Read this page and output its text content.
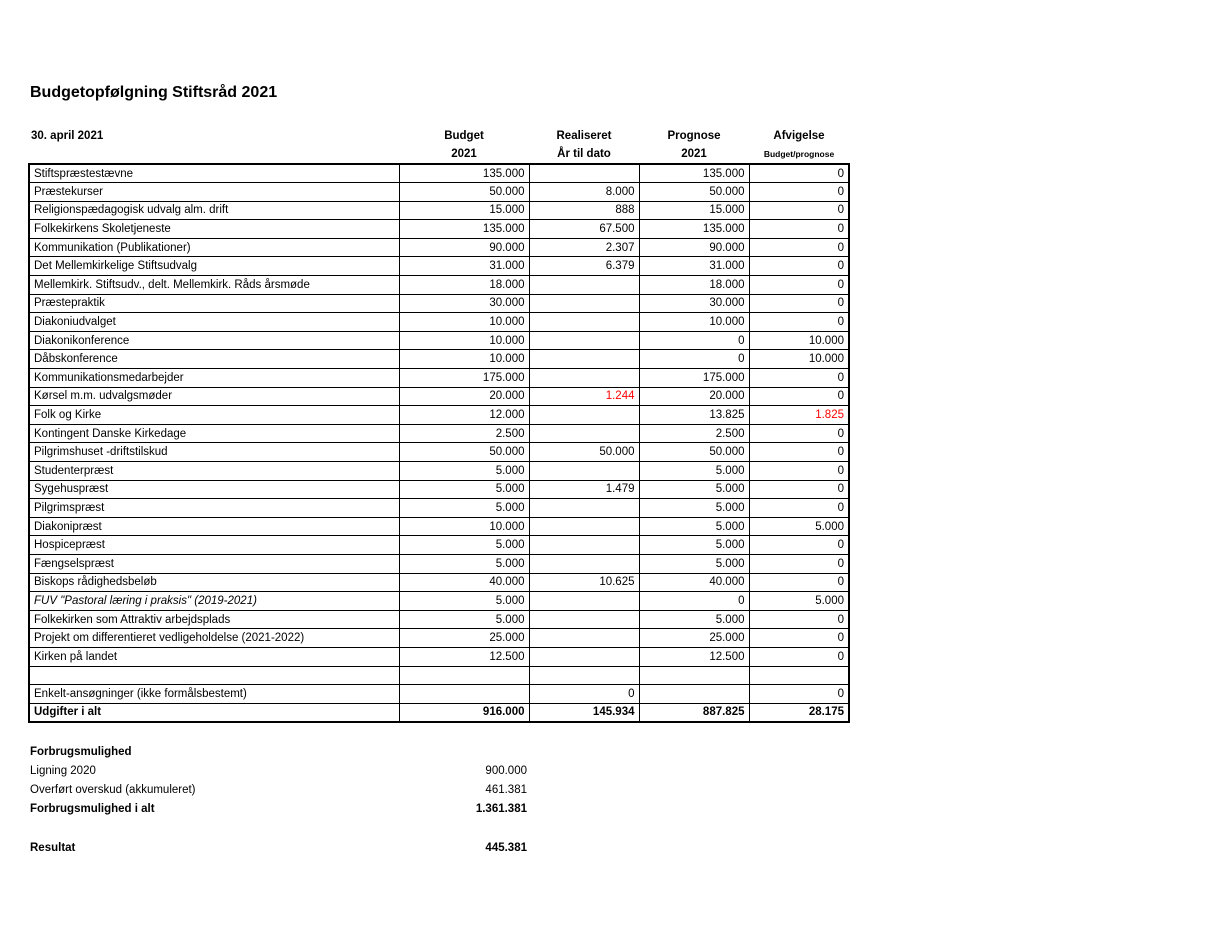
Budgetopfølgning Stiftsråd 2021
30. april 2021	Budget	Realiseret	Prognose	Afvigelse
	2021	År til dato	2021	Budget/prognose
Stiftspræstestævne	135.000		135.000	0
Præstekurser	50.000	8.000	50.000	0
Religionspædagogisk udvalg alm. drift	15.000	888	15.000	0
Folkekirkens Skoletjeneste	135.000	67.500	135.000	0
Kommunikation (Publikationer)	90.000	2.307	90.000	0
Det Mellemkirkelige Stiftsudvalg	31.000	6.379	31.000	0
Mellemkirk. Stiftsudv., delt. Mellemkirk. Råds årsmøde	18.000		18.000	0
Præstepraktik	30.000		30.000	0
Diakoniudvalget	10.000		10.000	0
Diakonikonference	10.000		0	10.000
Dåbskonference	10.000		0	10.000
Kommunikationsmedarbejder	175.000		175.000	0
Kørsel m.m. udvalgsmøder	20.000	1.244	20.000	0
Folk og Kirke	12.000		13.825	1.825
Kontingent Danske Kirkedage	2.500		2.500	0
Pilgrimshuset -driftstilskud	50.000	50.000	50.000	0
Studenterpræst	5.000		5.000	0
Sygehuspræst	5.000	1.479	5.000	0
Pilgrimspræst	5.000		5.000	0
Diakonipræst	10.000		5.000	5.000
Hospicepræst	5.000		5.000	0
Fængselspræst	5.000		5.000	0
Biskops rådighedsbeløb	40.000	10.625	40.000	0
FUV "Pastoral læring i praksis" (2019-2021)	5.000		0	5.000
Folkekirken som Attraktiv arbejdsplads	5.000		5.000	0
Projekt om differentieret vedligeholdelse (2021-2022)	25.000		25.000	0
Kirken på landet	12.500		12.500	0

Enkelt-ansøgninger (ikke formålsbestemt)		0		0
Udgifter i alt	916.000	145.934	887.825	28.175
Forbrugsmulighed
Ligning 2020	900.000
Overført overskud (akkumuleret)	461.381
Forbrugsmulighed i alt	1.361.381
Resultat	445.381
